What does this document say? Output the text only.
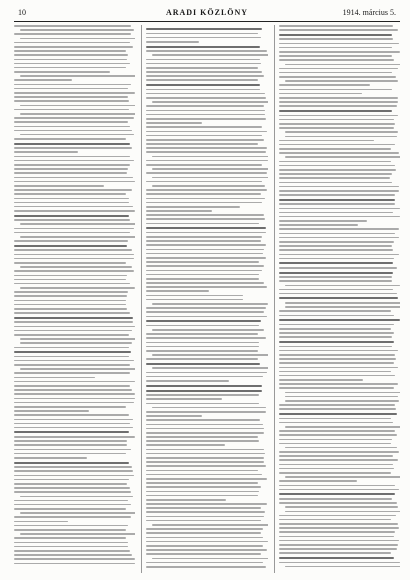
10	ARADI KÖZLÖNY	1914. március 5.
